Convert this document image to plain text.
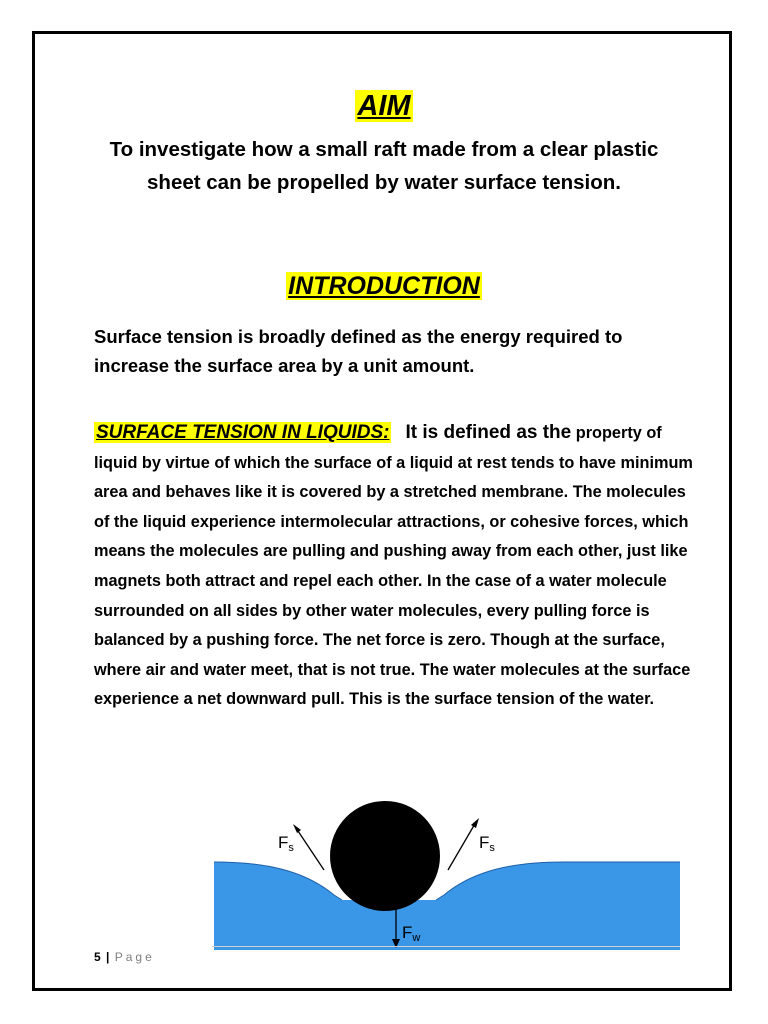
AIM
To investigate how a small raft made from a clear plastic sheet can be propelled by water surface tension.
INTRODUCTION
Surface tension is broadly defined as the energy required to increase the surface area by a unit amount.
SURFACE TENSION IN LIQUIDS: It is defined as the property of liquid by virtue of which the surface of a liquid at rest tends to have minimum area and behaves like it is covered by a stretched membrane. The molecules of the liquid experience intermolecular attractions, or cohesive forces, which means the molecules are pulling and pushing away from each other, just like magnets both attract and repel each other. In the case of a water molecule surrounded on all sides by other water molecules, every pulling force is balanced by a pushing force. The net force is zero. Though at the surface, where air and water meet, that is not true. The water molecules at the surface experience a net downward pull. This is the surface tension of the water.
Fs	Fs
Fw
5 | Page
